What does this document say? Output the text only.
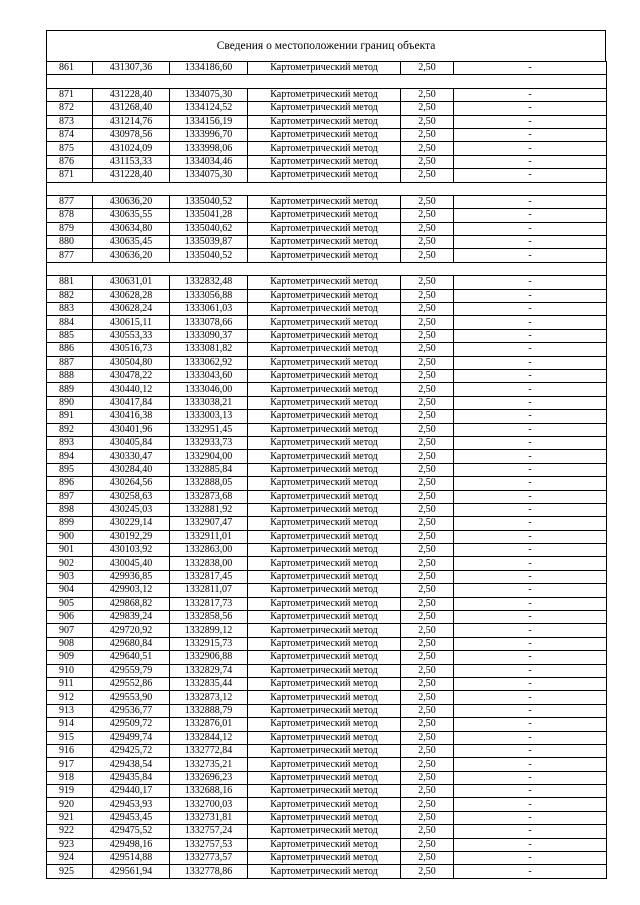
Сведения о местоположении границ объекта
861	431307,36	1334186,60	Картометрический метод	2,50	-

871	431228,40	1334075,30	Картометрический метод	2,50	-
872	431268,40	1334124,52	Картометрический метод	2,50	-
873	431214,76	1334156,19	Картометрический метод	2,50	-
874	430978,56	1333996,70	Картометрический метод	2,50	-
875	431024,09	1333998,06	Картометрический метод	2,50	-
876	431153,33	1334034,46	Картометрический метод	2,50	-
871	431228,40	1334075,30	Картометрический метод	2,50	-

877	430636,20	1335040,52	Картометрический метод	2,50	-
878	430635,55	1335041,28	Картометрический метод	2,50	-
879	430634,80	1335040,62	Картометрический метод	2,50	-
880	430635,45	1335039,87	Картометрический метод	2,50	-
877	430636,20	1335040,52	Картометрический метод	2,50	-

881	430631,01	1332832,48	Картометрический метод	2,50	-
882	430628,28	1333056,88	Картометрический метод	2,50	-
883	430628,24	1333061,03	Картометрический метод	2,50	-
884	430615,11	1333078,66	Картометрический метод	2,50	-
885	430553,33	1333090,37	Картометрический метод	2,50	-
886	430516,73	1333081,82	Картометрический метод	2,50	-
887	430504,80	1333062,92	Картометрический метод	2,50	-
888	430478,22	1333043,60	Картометрический метод	2,50	-
889	430440,12	1333046,00	Картометрический метод	2,50	-
890	430417,84	1333038,21	Картометрический метод	2,50	-
891	430416,38	1333003,13	Картометрический метод	2,50	-
892	430401,96	1332951,45	Картометрический метод	2,50	-
893	430405,84	1332933,73	Картометрический метод	2,50	-
894	430330,47	1332904,00	Картометрический метод	2,50	-
895	430284,40	1332885,84	Картометрический метод	2,50	-
896	430264,56	1332888,05	Картометрический метод	2,50	-
897	430258,63	1332873,68	Картометрический метод	2,50	-
898	430245,03	1332881,92	Картометрический метод	2,50	-
899	430229,14	1332907,47	Картометрический метод	2,50	-
900	430192,29	1332911,01	Картометрический метод	2,50	-
901	430103,92	1332863,00	Картометрический метод	2,50	-
902	430045,40	1332838,00	Картометрический метод	2,50	-
903	429936,85	1332817,45	Картометрический метод	2,50	-
904	429903,12	1332811,07	Картометрический метод	2,50	-
905	429868,82	1332817,73	Картометрический метод	2,50	-
906	429839,24	1332858,56	Картометрический метод	2,50	-
907	429720,92	1332899,12	Картометрический метод	2,50	-
908	429680,84	1332915,73	Картометрический метод	2,50	-
909	429640,51	1332906,88	Картометрический метод	2,50	-
910	429559,79	1332829,74	Картометрический метод	2,50	-
911	429552,86	1332835,44	Картометрический метод	2,50	-
912	429553,90	1332873,12	Картометрический метод	2,50	-
913	429536,77	1332888,79	Картометрический метод	2,50	-
914	429509,72	1332876,01	Картометрический метод	2,50	-
915	429499,74	1332844,12	Картометрический метод	2,50	-
916	429425,72	1332772,84	Картометрический метод	2,50	-
917	429438,54	1332735,21	Картометрический метод	2,50	-
918	429435,84	1332696,23	Картометрический метод	2,50	-
919	429440,17	1332688,16	Картометрический метод	2,50	-
920	429453,93	1332700,03	Картометрический метод	2,50	-
921	429453,45	1332731,81	Картометрический метод	2,50	-
922	429475,52	1332757,24	Картометрический метод	2,50	-
923	429498,16	1332757,53	Картометрический метод	2,50	-
924	429514,88	1332773,57	Картометрический метод	2,50	-
925	429561,94	1332778,86	Картометрический метод	2,50	-
